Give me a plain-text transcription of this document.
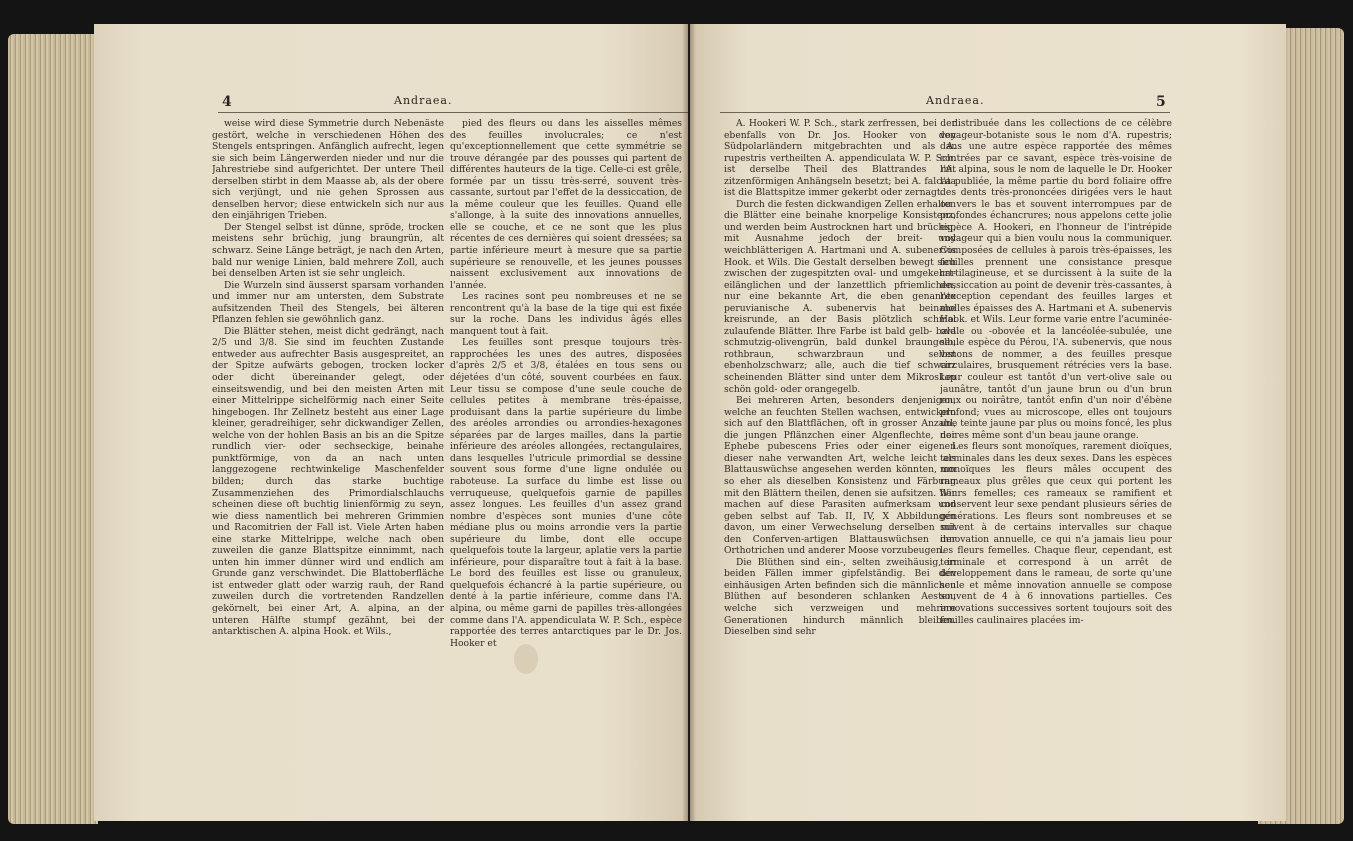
4	Andraea.

weise wird diese Symmetrie durch Nebenäste gestört, welche in verschiedenen Höhen des Stengels entspringen. Anfänglich aufrecht, legen sie sich beim Längerwerden nieder und nur die Jahrestriebe sind aufgerichtet. Der untere Theil derselben stirbt in dem Maasse ab, als der obere sich verjüngt, und nie gehen Sprossen aus denselben hervor; diese entwickeln sich nur aus den einjährigen Trieben.

Der Stengel selbst ist dünne, spröde, trocken meistens sehr brüchig, jung braungrün, alt schwarz. Seine Länge beträgt, je nach den Arten, bald nur wenige Linien, bald mehrere Zoll, auch bei denselben Arten ist sie sehr ungleich.

Die Wurzeln sind äusserst sparsam vorhanden und immer nur am untersten, dem Substrate aufsitzenden Theil des Stengels, bei älteren Pflanzen fehlen sie gewöhnlich ganz.

Die Blätter stehen, meist dicht gedrängt, nach 2/5 und 3/8. Sie sind im feuchten Zustande entweder aus aufrechter Basis ausgespreitet, an der Spitze aufwärts gebogen, trocken locker oder dicht übereinander gelegt, oder einseitswendig, und bei den meisten Arten mit einer Mittelrippe sichelförmig nach einer Seite hingebogen. Ihr Zellnetz besteht aus einer Lage kleiner, geradreihiger, sehr dickwandiger Zellen, welche von der hohlen Basis an bis an die Spitze rundlich vier- oder sechseckige, beinahe punktförmige, von da an nach unten langgezogene rechtwinkelige Maschenfelder bilden; durch das starke buchtige Zusammenziehen des Primordialschlauchs scheinen diese oft buchtig linienförmig zu seyn, wie diess namentlich bei mehreren Grimmien und Racomitrien der Fall ist. Viele Arten haben eine starke Mittelrippe, welche nach oben zuweilen die ganze Blattspitze einnimmt, nach unten hin immer dünner wird und endlich am Grunde ganz verschwindet. Die Blattoberfläche ist entweder glatt oder warzig rauh, der Rand zuweilen durch die vortretenden Randzellen gekörnelt, bei einer Art, A. alpina, an der unteren Hälfte stumpf gezähnt, bei der antarktischen A. alpina Hook. et Wils.,

pied des fleurs ou dans les aisselles mêmes des feuilles involucrales; ce n'est qu'exceptionnellement que cette symmétrie se trouve dérangée par des pousses qui partent de différentes hauteurs de la tige. Celle-ci est grêle, formée par un tissu très-serré, souvent très-cassante, surtout par l'effet de la dessiccation, de la même couleur que les feuilles. Quand elle s'allonge, à la suite des innovations annuelles, elle se couche, et ce ne sont que les plus récentes de ces dernières qui soient dressées; sa partie inférieure meurt à mesure que sa partie supérieure se renouvelle, et les jeunes pousses naissent exclusivement aux innovations de l'année.

Les racines sont peu nombreuses et ne se rencontrent qu'à la base de la tige qui est fixée sur la roche. Dans les individus âgés elles manquent tout à fait.

Les feuilles sont presque toujours très-rapprochées les unes des autres, disposées d'après 2/5 et 3/8, étalées en tous sens ou déjetées d'un côté, souvent courbées en faux. Leur tissu se compose d'une seule couche de cellules petites à membrane très-épaisse, produisant dans la partie supérieure du limbe des aréoles arrondies ou arrondies-hexagones séparées par de larges mailles, dans la partie inférieure des aréoles allongées, rectangulaires, dans lesquelles l'utricule primordial se dessine souvent sous forme d'une ligne ondulée ou raboteuse. La surface du limbe est lisse ou verruqueuse, quelquefois garnie de papilles assez longues. Les feuilles d'un assez grand nombre d'espèces sont munies d'une côte médiane plus ou moins arrondie vers la partie supérieure du limbe, dont elle occupe quelquefois toute la largeur, aplatie vers la partie inférieure, pour disparaître tout à fait à la base. Le bord des feuilles est lisse ou granuleux, quelquefois échancré à la partie supérieure, ou denté à la partie inférieure, comme dans l'A. alpina, ou même garni de papilles très-allongées comme dans l'A. appendiculata W. P. Sch., espèce rapportée des terres antarctiques par le Dr. Jos. Hooker et

Andraea.	5

A. Hookeri W. P. Sch., stark zerfressen, bei der ebenfalls von Dr. Jos. Hooker von den Südpolarländern mitgebrachten und als A. rupestris vertheilten A. appendiculata W. P. Sch. ist derselbe Theil des Blattrandes mit zitzenförmigen Anhängseln besetzt; bei A. falcata ist die Blattspitze immer gekerbt oder zernagt.

Durch die festen dickwandigen Zellen erhalten die Blätter eine beinahe knorpelige Konsistenz, und werden beim Austrocknen hart und brüchig, mit Ausnahme jedoch der breit- und weichblätterigen A. Hartmani und A. subenervis Hook. et Wils. Die Gestalt derselben bewegt sich zwischen der zugespitzten oval- und umgekehrt-eilänglichen und der lanzettlich pfriemlichen, nur eine bekannte Art, die eben genannte peruvianische A. subenervis hat beinahe kreisrunde, an der Basis plötzlich schmal zulaufende Blätter. Ihre Farbe ist bald gelb- bald schmutzig-olivengrün, bald dunkel braungelb, rothbraun, schwarzbraun und selbst ebenholzschwarz; alle, auch die tief schwarz scheinenden Blätter sind unter dem Mikroskop schön gold- oder orangegelb.

Bei mehreren Arten, besonders denjenigen, welche an feuchten Stellen wachsen, entwickeln sich auf den Blattflächen, oft in grosser Anzahl, die jungen Pflänzchen einer Algenflechte, der Ephebe pubescens Fries oder einer eigenen dieser nahe verwandten Art, welche leicht als Blattauswüchse angesehen werden könnten, um so eher als dieselben Konsistenz und Färbung mit den Blättern theilen, denen sie aufsitzen. Wir machen auf diese Parasiten aufmerksam und geben selbst auf Tab. II, IV, X Abbildungen davon, um einer Verwechselung derselben mit den Conferven-artigen Blattauswüchsen der Orthotrichen und anderer Moose vorzubeugen.

Die Blüthen sind ein-, selten zweihäusig, in beiden Fällen immer gipfelständig. Bei den einhäusigen Arten befinden sich die männlichen Blüthen auf besonderen schlanken Aesten, welche sich verzweigen und mehrere Generationen hindurch männlich bleiben. Dieselben sind sehr

distribuée dans les collections de ce célèbre voyageur-botaniste sous le nom d'A. rupestris; dans une autre espèce rapportée des mêmes contrées par ce savant, espèce très-voisine de l'A. alpina, sous le nom de laquelle le Dr. Hooker l'a publiée, la même partie du bord foliaire offre des dents très-prononcées dirigées vers le haut ou vers le bas et souvent interrompues par de profondes échancrures; nous appelons cette jolie espèce A. Hookeri, en l'honneur de l'intrépide voyageur qui a bien voulu nous la communiquer. Composées de cellules à parois très-épaisses, les feuilles prennent une consistance presque cartilagineuse, et se durcissent à la suite de la dessiccation au point de devenir très-cassantes, à l'exception cependant des feuilles larges et molles épaisses des A. Hartmani et A. subenervis Hook. et Wils. Leur forme varie entre l'acuminée-ovale ou -obovée et la lancéolée-subulée, une seule espèce du Pérou, l'A. subenervis, que nous venons de nommer, a des feuilles presque circulaires, brusquement rétrécies vers la base. Leur couleur est tantôt d'un vert-olive sale ou jaunâtre, tantôt d'un jaune brun ou d'un brun roux ou noirâtre, tantôt enfin d'un noir d'ébène profond; vues au microscope, elles ont toujours une teinte jaune par plus ou moins foncé, les plus noires même sont d'un beau jaune orange.

Les fleurs sont monoïques, rarement dioïques, terminales dans les deux sexes. Dans les espèces monoïques les fleurs mâles occupent des rameaux plus grêles que ceux qui portent les fleurs femelles; ces rameaux se ramifient et conservent leur sexe pendant plusieurs séries de générations. Les fleurs sont nombreuses et se suivent à de certains intervalles sur chaque innovation annuelle, ce qui n'a jamais lieu pour les fleurs femelles. Chaque fleur, cependant, est terminale et correspond à un arrêt de développement dans le rameau, de sorte qu'une seule et même innovation annuelle se compose souvent de 4 à 6 innovations partielles. Ces innovations successives sortent toujours soit des feuilles caulinaires placées im-
